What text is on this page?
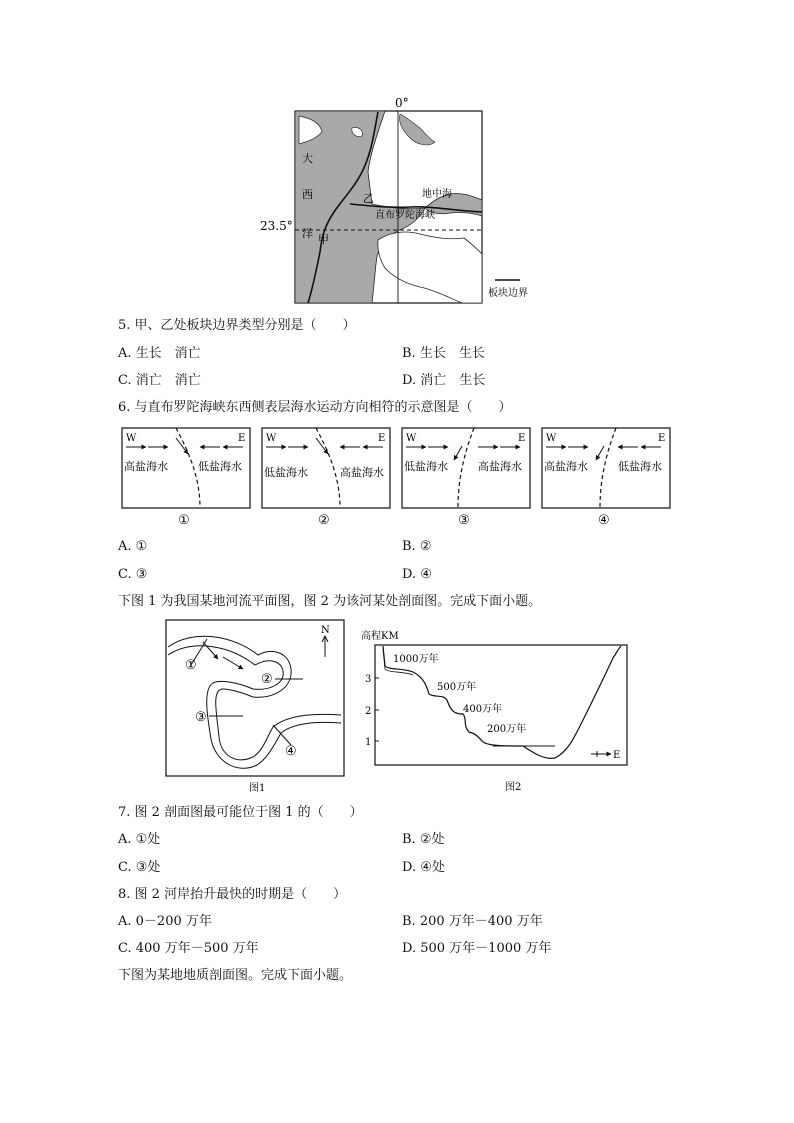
0°
23.5°
大
西
洋 甲
乙	地中海
直布罗陀海峡
板块边界
5. 甲、乙处板块边界类型分别是（　　）
A. 生长　消亡	B. 生长　生长
C. 消亡　消亡	D. 消亡　生长
6. 与直布罗陀海峡东西侧表层海水运动方向相符的示意图是（　　）
W	E
高盐海水	低盐海水
①
W	E
低盐海水	高盐海水
②
W	E
低盐海水	高盐海水
③
W	E
高盐海水	低盐海水
④
A. ①	B. ②
C. ③	D. ④
下图 1 为我国某地河流平面图，图 2 为该河某处剖面图。完成下面小题。
①
②
③
④
N
图1
高程KM
3
2
1
1000万年
500万年
400万年
200万年
E
图2
7. 图 2 剖面图最可能位于图 1 的（　　）
A. ①处	B. ②处
C. ③处	D. ④处
8. 图 2 河岸抬升最快的时期是（　　）
A. 0－200 万年	B. 200 万年－400 万年
C. 400 万年－500 万年	D. 500 万年－1000 万年
下图为某地地质剖面图。完成下面小题。
